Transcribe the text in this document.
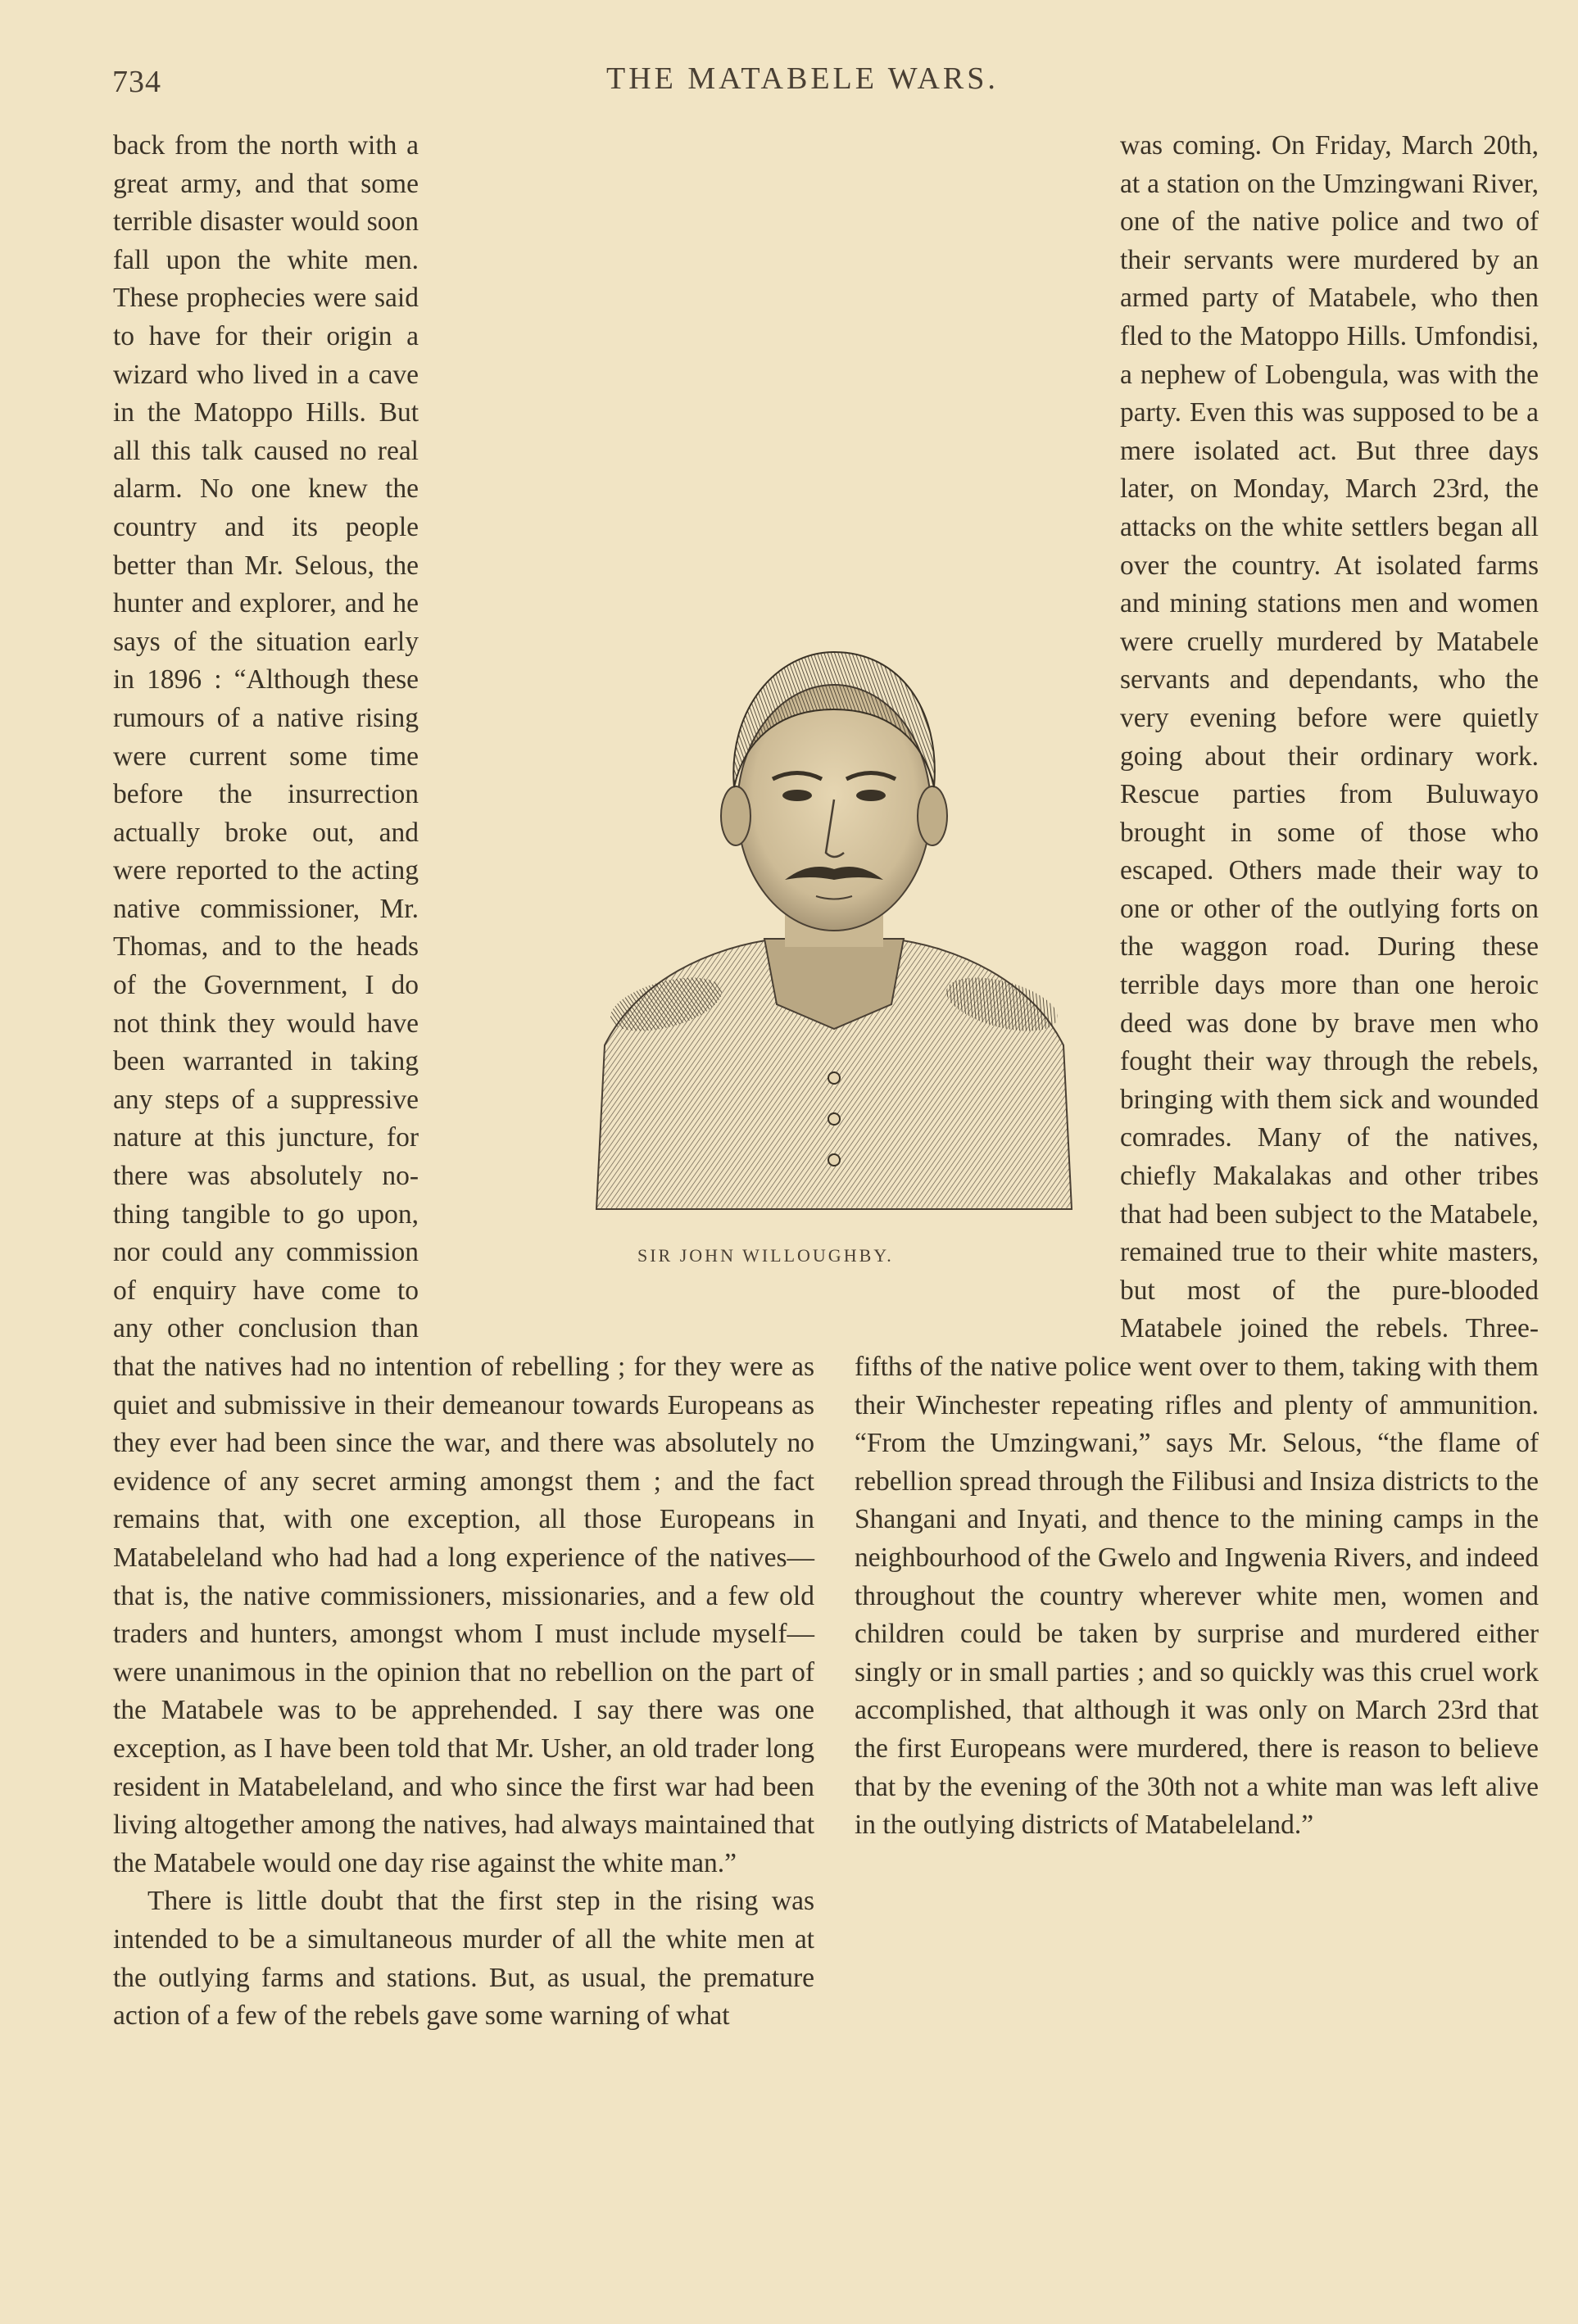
734	THE MATABELE WARS.

back from the north with a great army, and that some terrible disaster would soon fall upon the white men. These prophecies were said to have for their origin a wizard who lived in a cave in the Matoppo Hills. But all this talk caused no real alarm. No one knew the country and its people better than Mr. Selous, the hunter and explorer, and he says of the situation early in 1896 : “Although these rumours of a native rising were current some time before the insurrection actually broke out, and were reported to the acting native commissioner, Mr. Thomas, and to the heads of the Government, I do not think they would have been warranted in taking any steps of a suppressive nature at this juncture, for there was absolutely nothing tangible to go upon, nor could any commission of enquiry have come to any other conclusion than that the natives had no intention of rebelling ; for they were as quiet and submissive in their demeanour towards Europeans as they ever had been since the war, and there was absolutely no evidence of any secret arming amongst them ; and the fact remains that, with one exception, all those Europeans in Matabeleland who had had a long experience of the natives—that is, the native commissioners, missionaries, and a few old traders and hunters, amongst whom I must include myself—were unanimous in the opinion that no rebellion on the part of the Matabele was to be apprehended. I say there was one exception, as I have been told that Mr. Usher, an old trader long resident in Matabeleland, and who since the first war had been living altogether among the natives, had always maintained that the Matabele would one day rise against the white man.”

There is little doubt that the first step in the rising was intended to be a simultaneous murder of all the white men at the outlying farms and stations. But, as usual, the premature action of a few of the rebels gave some warning of what

was coming. On Friday, March 20th, at a station on the Umzingwani River, one of the native police and two of their servants were murdered by an armed party of Matabele, who then fled to the Matoppo Hills. Umfondisi, a nephew of Lobengula, was with the party. Even this was supposed to be a mere isolated act. But three days later, on Monday, March 23rd, the attacks on the white settlers began all over the country. At isolated farms and mining stations men and women were cruelly murdered by Matabele servants and dependants, who the very evening before were quietly going about their ordinary work. Rescue parties from Buluwayo brought in some of those who escaped. Others made their way to one or other of the outlying forts on the waggon road. During these terrible days more than one heroic deed was done by brave men who fought their way through the rebels, bringing with them sick and wounded comrades. Many of the natives, chiefly Makalakas and other tribes that had been subject to the Matabele, remained true to their white masters, but most of the pure-blooded Matabele joined the rebels. Three-fifths of the native police went over to them, taking with them their Winchester repeating rifles and plenty of ammunition. “From the Umzingwani,” says Mr. Selous, “the flame of rebellion spread through the Filibusi and Insiza districts to the Shangani and Inyati, and thence to the mining camps in the neighbourhood of the Gwelo and Ingwenia Rivers, and indeed throughout the country wherever white men, women and children could be taken by surprise and murdered either singly or in small parties ; and so quickly was this cruel work accomplished, that although it was only on March 23rd that the first Europeans were murdered, there is reason to believe that by the evening of the 30th not a white man was left alive in the outlying districts of Matabeleland.”

SIR JOHN WILLOUGHBY.
